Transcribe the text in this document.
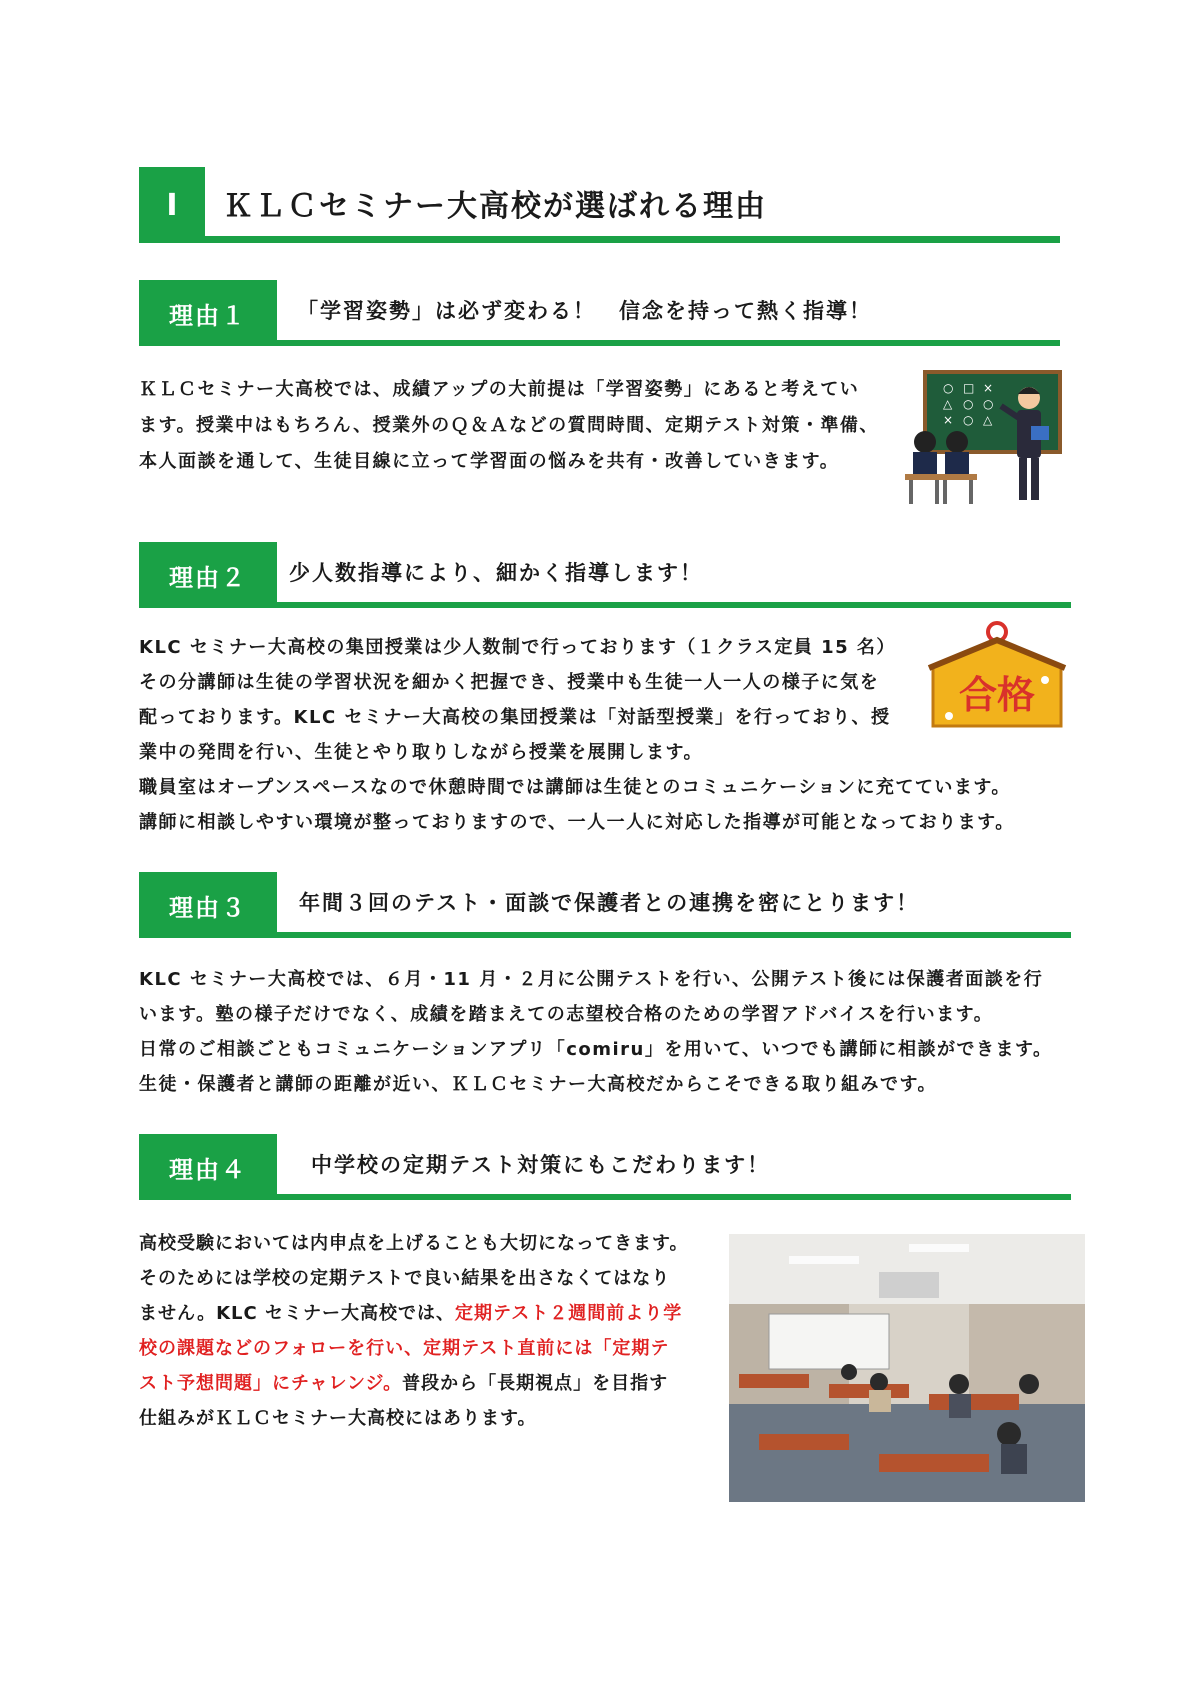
I	ＫＬＣセミナー大高校が選ばれる理由
理由１	「学習姿勢」は必ず変わる！　信念を持って熱く指導！

ＫＬＣセミナー大高校では、成績アップの大前提は「学習姿勢」にあると考えてい

ます。授業中はもちろん、授業外のＱ＆Ａなどの質問時間、定期テスト対策・準備、

本人面談を通して、生徒目線に立って学習面の悩みを共有・改善していきます。

○ □ ×
△ ○ ○
× ○ △
理由２	少人数指導により、細かく指導します！

KLC セミナー大高校の集団授業は少人数制で行っております（１クラス定員 15 名）

その分講師は生徒の学習状況を細かく把握でき、授業中も生徒一人一人の様子に気を

配っております。KLC セミナー大高校の集団授業は「対話型授業」を行っており、授

業中の発問を行い、生徒とやり取りしながら授業を展開します。

職員室はオープンスペースなので休憩時間では講師は生徒とのコミュニケーションに充てています。

講師に相談しやすい環境が整っておりますので、一人一人に対応した指導が可能となっております。

合格
理由３	年間３回のテスト・面談で保護者との連携を密にとります！

KLC セミナー大高校では、６月・11 月・２月に公開テストを行い、公開テスト後には保護者面談を行

います。塾の様子だけでなく、成績を踏まえての志望校合格のための学習アドバイスを行います。

日常のご相談ごともコミュニケーションアプリ「comiru」を用いて、いつでも講師に相談ができます。

生徒・保護者と講師の距離が近い、ＫＬＣセミナー大高校だからこそできる取り組みです。

理由４	中学校の定期テスト対策にもこだわります！

高校受験においては内申点を上げることも大切になってきます。

そのためには学校の定期テストで良い結果を出さなくてはなり

ません。KLC セミナー大高校では、定期テスト２週間前より学

校の課題などのフォローを行い、定期テスト直前には「定期テ

スト予想問題」にチャレンジ。普段から「長期視点」を目指す

仕組みがＫＬＣセミナー大高校にはあります。
